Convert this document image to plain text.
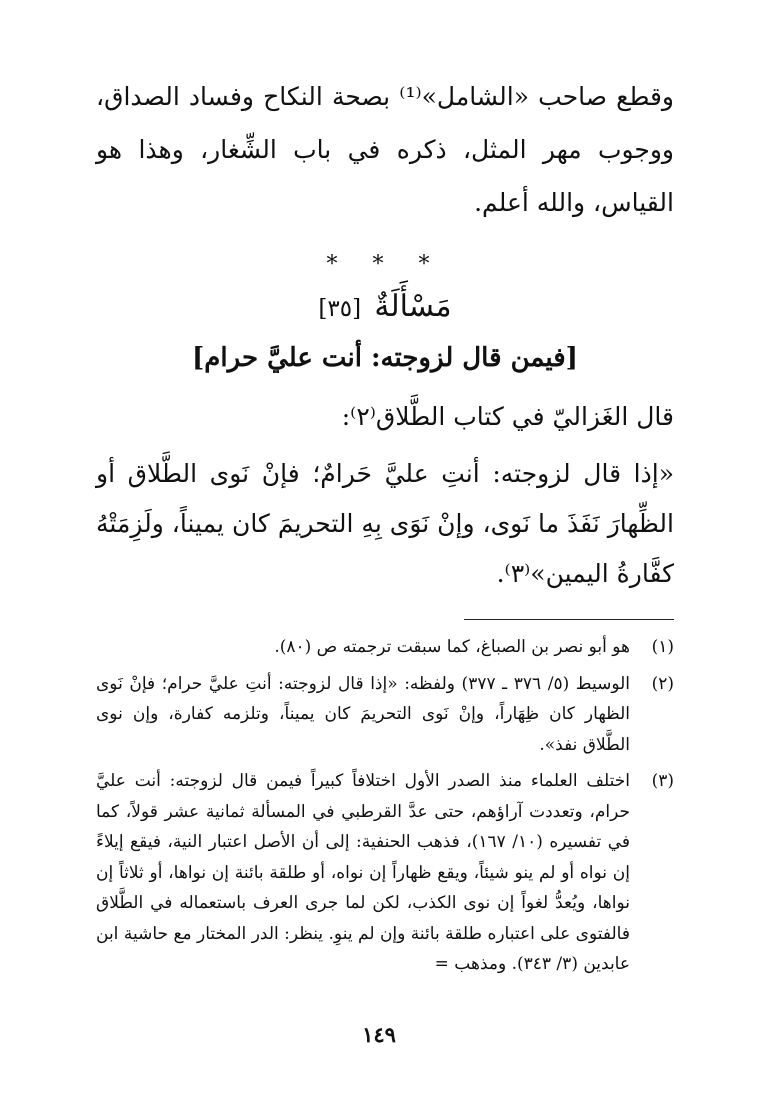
وقطع صاحب «الشامل»⁽¹⁾ بصحة النكاح وفساد الصداق، ووجوب مهر المثل، ذكره في باب الشِّغار، وهذا هو القياس، والله أعلم.

* * *
مَسْأَلَةٌ [٣٥]
[فيمن قال لزوجته: أنت عليَّ حرام]

قال الغَزاليّ في كتاب الطَّلاق⁽٢⁾:

«إذا قال لزوجته: أنتِ عليَّ حَرامٌ؛ فإنْ نَوى الطَّلاق أو الظِّهارَ نَفَذَ ما نَوى، وإنْ نَوَى بِهِ التحريمَ كان يميناً، ولَزِمَتْهُ كفَّارةُ اليمين»⁽٣⁾.

(١)
هو أبو نصر بن الصباغ، كما سبقت ترجمته ص (٨٠).
(٢)
الوسيط (٥/ ٣٧٦ ـ ٣٧٧) ولفظه: «إذا قال لزوجته: أنتِ عليَّ حرام؛ فإنْ نَوى الظهار كان ظِهَاراً، وإنْ نَوى التحريمَ كان يميناً، وتلزمه كفارة، وإن نوى الطَّلاق نفذ».
(٣)
اختلف العلماء منذ الصدر الأول اختلافاً كبيراً فيمن قال لزوجته: أنت عليَّ حرام، وتعددت آراؤهم، حتى عدَّ القرطبي في المسألة ثمانية عشر قولاً، كما في تفسيره (١٠/ ١٦٧)، فذهب الحنفية: إلى أن الأصل اعتبار النية، فيقع إيلاءً إن نواه أو لم ينو شيئاً، ويقع ظهاراً إن نواه، أو طلقة بائنة إن نواها، أو ثلاثاً إن نواها، ويُعدُّ لغواً إن نوى الكذب، لكن لما جرى العرف باستعماله في الطَّلاق فالفتوى على اعتباره طلقة بائنة وإن لم ينوِ. ينظر: الدر المختار مع حاشية ابن عابدين (٣/ ٣٤٣). ومذهب =
١٤٩
